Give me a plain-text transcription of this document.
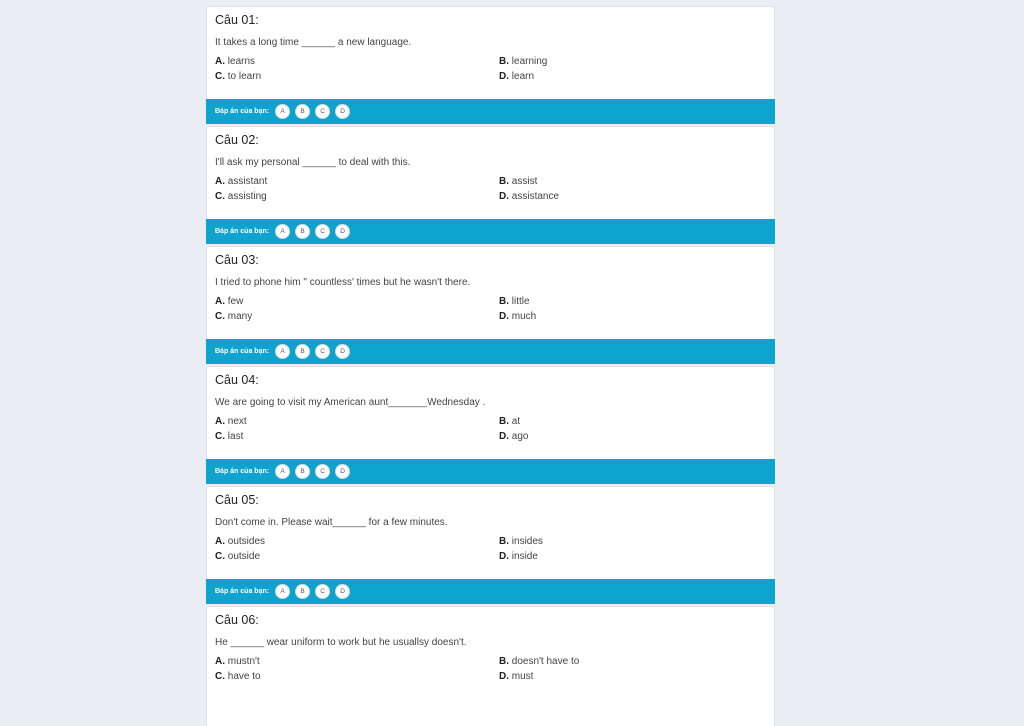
Câu 01:
It takes a long time ______ a new language.
A. learns	B. learning
C. to learn	D. learn
Đáp án của bạn:	A	B	C	D
Câu 02:
I'll ask my personal ______ to deal with this.
A. assistant	B. assist
C. assisting	D. assistance
Đáp án của bạn:	A	B	C	D
Câu 03:
I tried to phone him " countless' times but he wasn't there.
A. few	B. little
C. many	D. much
Đáp án của bạn:	A	B	C	D
Câu 04:
We are going to visit my American aunt_______Wednesday .
A. next	B. at
C. last	D. ago
Đáp án của bạn:	A	B	C	D
Câu 05:
Don't come in. Please wait______ for a few minutes.
A. outsides	B. insides
C. outside	D. inside
Đáp án của bạn:	A	B	C	D
Câu 06:
He ______ wear uniform to work but he usuallsy doesn't.
A. mustn't	B. doesn't have to
C. have to	D. must
